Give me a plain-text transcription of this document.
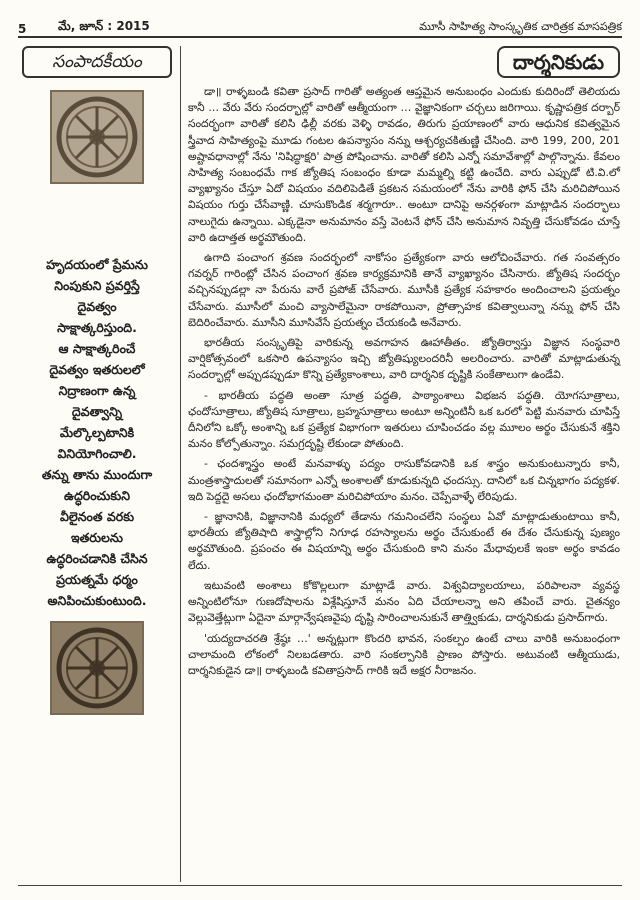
5	మే, జూన్ : 2015	మూసీ సాహిత్య సాంస్కృతిక చారిత్రక మాసపత్రిక
సంపాదకీయం
హృదయంలో ప్రేమను
నింపుకుని ప్రవర్తిస్తే
దైవత్వం
సాక్షాత్కరిస్తుంది.
ఆ సాక్షాత్కరించే
దైవత్వం ఇతరులలో
నిద్రాణంగా ఉన్న
దైవత్వాన్ని
మేల్కొల్పటానికి
వినియోగించాలి.
తన్ను తాను ముందుగా
ఉద్ధరించుకుని
వీలైనంత వరకు
ఇతరులను
ఉద్ధరించడానికి చేసిన
ప్రయత్నమే ధర్మం
అనిపించుకుంటుంది.
దార్శనికుడు

డా॥ రాళ్ళబండి కవితా ప్రసాద్ గారితో అత్యంత ఆప్తమైన అనుబంధం ఎందుకు కుదిరిందో తెలియదు కానీ … వేరు వేరు సందర్భాల్లో వారితో ఆత్మీయంగా … వైజ్ఞానికంగా చర్చలు జరిగాయి. కృష్ణాపత్రిక దర్బార్ సందర్భంగా వారితో కలిసి ఢిల్లీ వరకు వెళ్ళి రావడం, తిరుగు ప్రయాణంలో వారు ఆధునిక కవిత్వమైన స్త్రీవాద సాహిత్యంపై మూడు గంటల ఉపన్యాసం నన్ను ఆశ్చర్యచకితుణ్ణి చేసింది. వారి 199, 200, 201 అష్టావధానాల్లో నేను 'నిషిద్ధాక్షరి' పాత్ర పోషించాను. వారితో కలిసి ఎన్నో సమావేశాల్లో పాల్గొన్నాను. కేవలం సాహిత్య సంబంధమే గాక జ్యోతిష సంబంధం కూడా మమ్మల్ని కట్టి ఉంచేది. వారు ఎప్పుడో టి.వి.లో వ్యాఖ్యానం చేస్తూ ఏదో విషయం వదిలిపెడితే ప్రకటన సమయంలో నేను వారికి ఫోన్ చేసి మరిచిపోయిన విషయం గుర్తు చేసేవాణ్ణి. చూసుకొండిక శర్మగారూ.. అంటూ దానిపై అనర్గళంగా మాట్లాడిన సందర్భాలు నాలుగైదు ఉన్నాయి. ఎక్కడైనా అనుమానం వస్తే వెంటనే ఫోన్ చేసి అనుమాన నివృత్తి చేసుకోవడం చూస్తే వారి ఉదాత్తత అర్థమౌతుంది.

ఉగాది పంచాంగ శ్రవణ సందర్భంలో నాకోసం ప్రత్యేకంగా వారు ఆలోచించేవారు. గత సంవత్సరం గవర్నర్ గారింట్లో చేసిన పంచాంగ శ్రవణ కార్యక్రమానికి తానే వ్యాఖ్యానం చేసినారు. జ్యోతిష సందర్భం వచ్చినప్పుడల్లా నా పేరును వారే ప్రపోజ్ చేసేవారు. మూసీకి ప్రత్యేక సహకారం అందించాలని ప్రయత్నం చేసేవారు. మూసీలో మంచి వ్యాసాలేమైనా రాకపోయినా, ప్రోత్సాహక కవిత్వాలున్నా నన్ను ఫోన్ చేసి బెదిరించేవారు. మూసీని మూసివేసే ప్రయత్నం చేయకండి అనేవారు.

భారతీయ సంస్కృతిపై వారికున్న అవగాహన ఊహాతీతం. జ్యోతిర్వాస్తు విజ్ఞాన సంస్థవారి వార్షికోత్సవంలో ఒకసారి ఉపన్యాసం ఇచ్చి జ్యోతిష్యులందరినీ అలరించారు. వారితో మాట్లాడుతున్న సందర్భాల్లో అప్పుడప్పుడూ కొన్ని ప్రత్యేకాంశాలు, వారి దార్శనిక దృష్టికి సంకేతాలుగా ఉండేవి.

- భారతీయ పద్ధతి అంతా సూత్ర పద్ధతి, పాఠ్యాంశాలు విభజన పద్ధతి. యోగసూత్రాలు, ఛందోసూత్రాలు, జ్యోతిష సూత్రాలు, బ్రహ్మసూత్రాలు అంటూ అన్నింటినీ ఒక ఒరలో పెట్టి మనవారు చూపిస్తే దీనిలోని ఒక్కో అంశాన్ని ఒక ప్రత్యేక విభాగంగా ఇతరులు చూపించడం వల్ల మూలం అర్థం చేసుకునే శక్తిని మనం కోల్పోతున్నాం. సమగ్రదృష్టి లేకుండా పోతుంది.

- ఛందశ్శాస్త్రం అంటే మనవాళ్ళు పద్యం రాసుకోవడానికి ఒక శాస్త్రం అనుకుంటున్నారు కానీ, మంత్రశాస్త్రాదులతో సమానంగా ఎన్నో అంశాలతో కూడుకున్నది ఛందస్సు. దానిలో ఒక చిన్నభాగం పద్యకళ. ఇది పెద్దదై అసలు ఛందోభాగమంతా మరిచిపోయాం మనం. చెప్పేవాళ్ళే లేరిపుడు.

- జ్ఞానానికి, విజ్ఞానానికి మధ్యలో తేడాను గమనించలేని సంస్థలు ఏవో మాట్లాడుతుంటాయి కానీ, భారతీయ జ్యోతిషాది శాస్త్రాల్లోని నిగూఢ రహస్యాలను అర్థం చేసుకుంటే ఈ దేశం చేసుకున్న పుణ్యం అర్థమౌతుంది. ప్రపంచం ఈ విషయాన్ని అర్థం చేసుకుంది కాని మనం మేధావులకే ఇంకా అర్థం కావడం లేదు.

ఇటువంటి అంశాలు కోకొల్లలుగా మాట్లాడే వారు. విశ్వవిద్యాలయాలు, పరిపాలనా వ్యవస్థ అన్నింటిలోనూ గుణదోషాలను విశ్లేషిస్తూనే మనం ఏది చేయాలన్నా అని తపించే వారు. చైతన్యం వెల్లువెత్తేట్లుగా ఏదైనా మార్గాన్వేషణవైపు దృష్టి సారించాలనుకునే తాత్త్వికుడు, దార్శనికుడు ప్రసాద్‌గారు.

'యద్యదాచరతి శ్రేష్ఠః …' అన్నట్లుగా కొందరి భావన, సంకల్పం ఉంటే చాలు వారికి అనుబంధంగా చాలామంది లోకంలో నిలబడతారు. వారి సంకల్పానికి ప్రాణం పోస్తారు. అటువంటి ఆత్మీయుడు, దార్శనికుడైన డా॥ రాళ్ళబండి కవితాప్రసాద్ గారికి ఇదే అక్షర నీరాజనం.
